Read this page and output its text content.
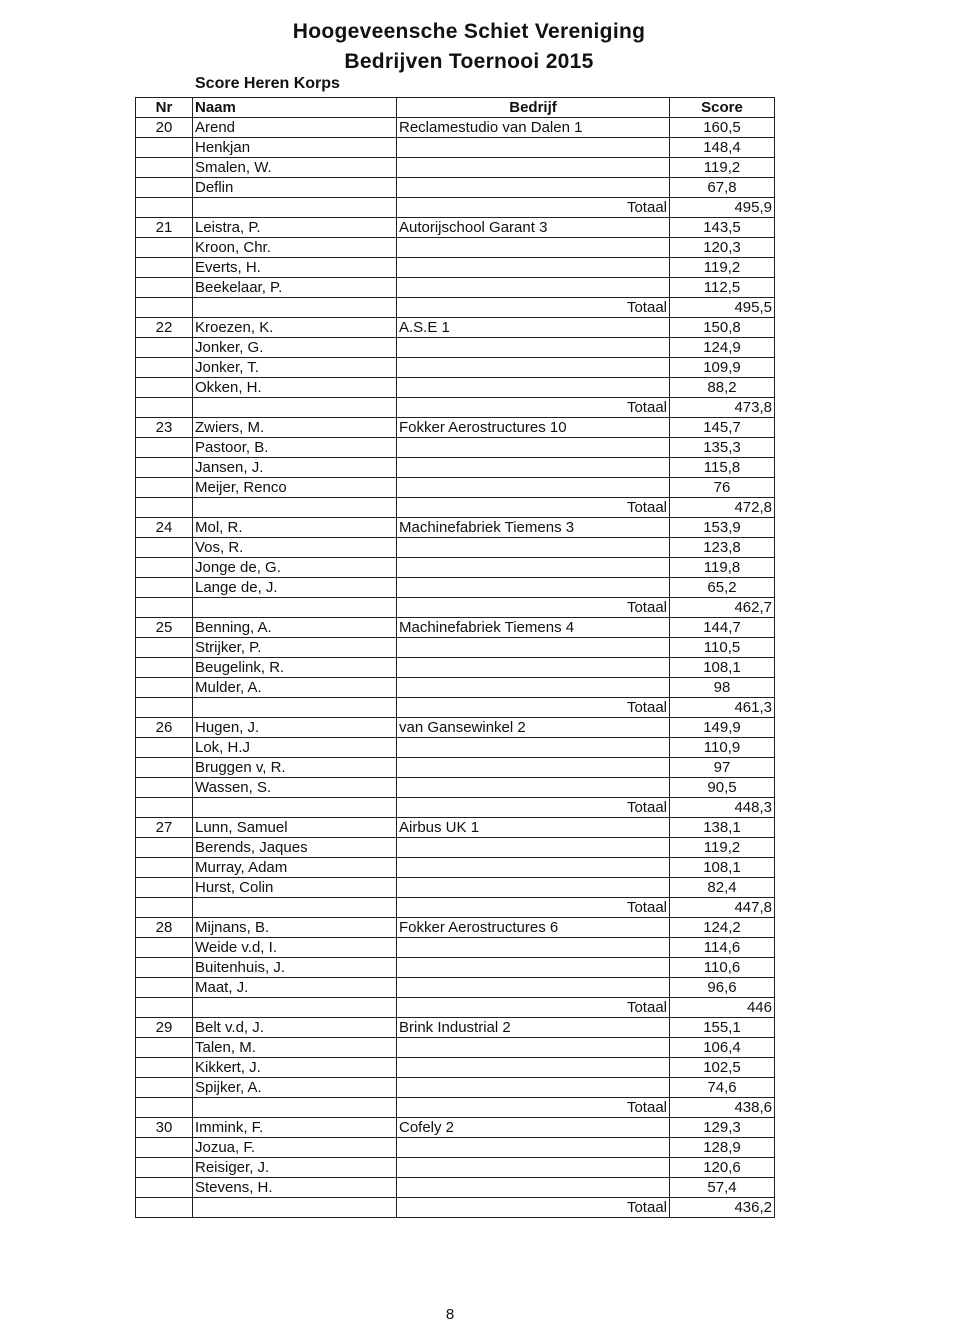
Hoogeveensche Schiet Vereniging
Bedrijven Toernooi 2015
Score Heren Korps
Nr	Naam	Bedrijf	Score
20	Arend	Reclamestudio van Dalen 1	160,5
	Henkjan		148,4
	Smalen, W.		119,2
	Deflin		67,8
		Totaal	495,9
21	Leistra, P.	Autorijschool Garant 3	143,5
	Kroon, Chr.		120,3
	Everts, H.		119,2
	Beekelaar, P.		112,5
		Totaal	495,5
22	Kroezen, K.	A.S.E 1	150,8
	Jonker, G.		124,9
	Jonker, T.		109,9
	Okken, H.		88,2
		Totaal	473,8
23	Zwiers, M.	Fokker Aerostructures 10	145,7
	Pastoor, B.		135,3
	Jansen, J.		115,8
	Meijer, Renco		76
		Totaal	472,8
24	Mol, R.	Machinefabriek Tiemens 3	153,9
	Vos, R.		123,8
	Jonge de, G.		119,8
	Lange de, J.		65,2
		Totaal	462,7
25	Benning, A.	Machinefabriek Tiemens 4	144,7
	Strijker, P.		110,5
	Beugelink, R.		108,1
	Mulder, A.		98
		Totaal	461,3
26	Hugen, J.	van Gansewinkel 2	149,9
	Lok, H.J		110,9
	Bruggen v, R.		97
	Wassen, S.		90,5
		Totaal	448,3
27	Lunn, Samuel	Airbus UK 1	138,1
	Berends, Jaques		119,2
	Murray, Adam		108,1
	Hurst, Colin		82,4
		Totaal	447,8
28	Mijnans, B.	Fokker Aerostructures 6	124,2
	Weide v.d, I.		114,6
	Buitenhuis, J.		110,6
	Maat, J.		96,6
		Totaal	446
29	Belt v.d, J.	Brink Industrial 2	155,1
	Talen, M.		106,4
	Kikkert, J.		102,5
	Spijker, A.		74,6
		Totaal	438,6
30	Immink, F.	Cofely 2	129,3
	Jozua, F.		128,9
	Reisiger, J.		120,6
	Stevens, H.		57,4
		Totaal	436,2
8
